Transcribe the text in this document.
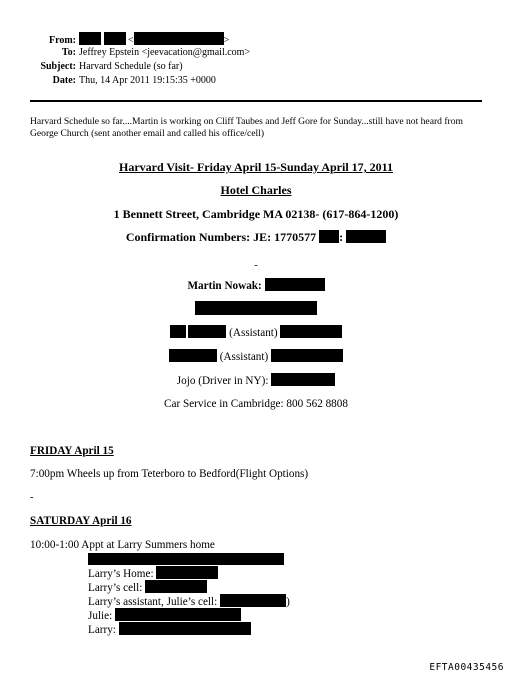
From:	<	>
To: Jeffrey Epstein <jeevacation@gmail.com>
Subject: Harvard Schedule (so far)
Date: Thu, 14 Apr 2011 19:15:35 +0000
Harvard Schedule so far....Martin is working on Cliff Taubes and Jeff Gore for Sunday...still have not heard from
George Church (sent another email and called his office/cell)
Harvard Visit- Friday April 15-Sunday April 17, 2011
Hotel Charles
1 Bennett Street, Cambridge MA 02138- (617-864-1200)
Confirmation Numbers: JE: 1770577 :
-
Martin Nowak:
(Assistant)
(Assistant)
Jojo (Driver in NY):
Car Service in Cambridge: 800 562 8808
FRIDAY April 15
7:00pm Wheels up from Teterboro to Bedford(Flight Options)
-
SATURDAY April 16
10:00-1:00 Appt at Larry Summers home
Larry’s Home:
Larry’s cell:
Larry’s assistant, Julie’s cell:	)
Julie:
Larry:
EFTA00435456
